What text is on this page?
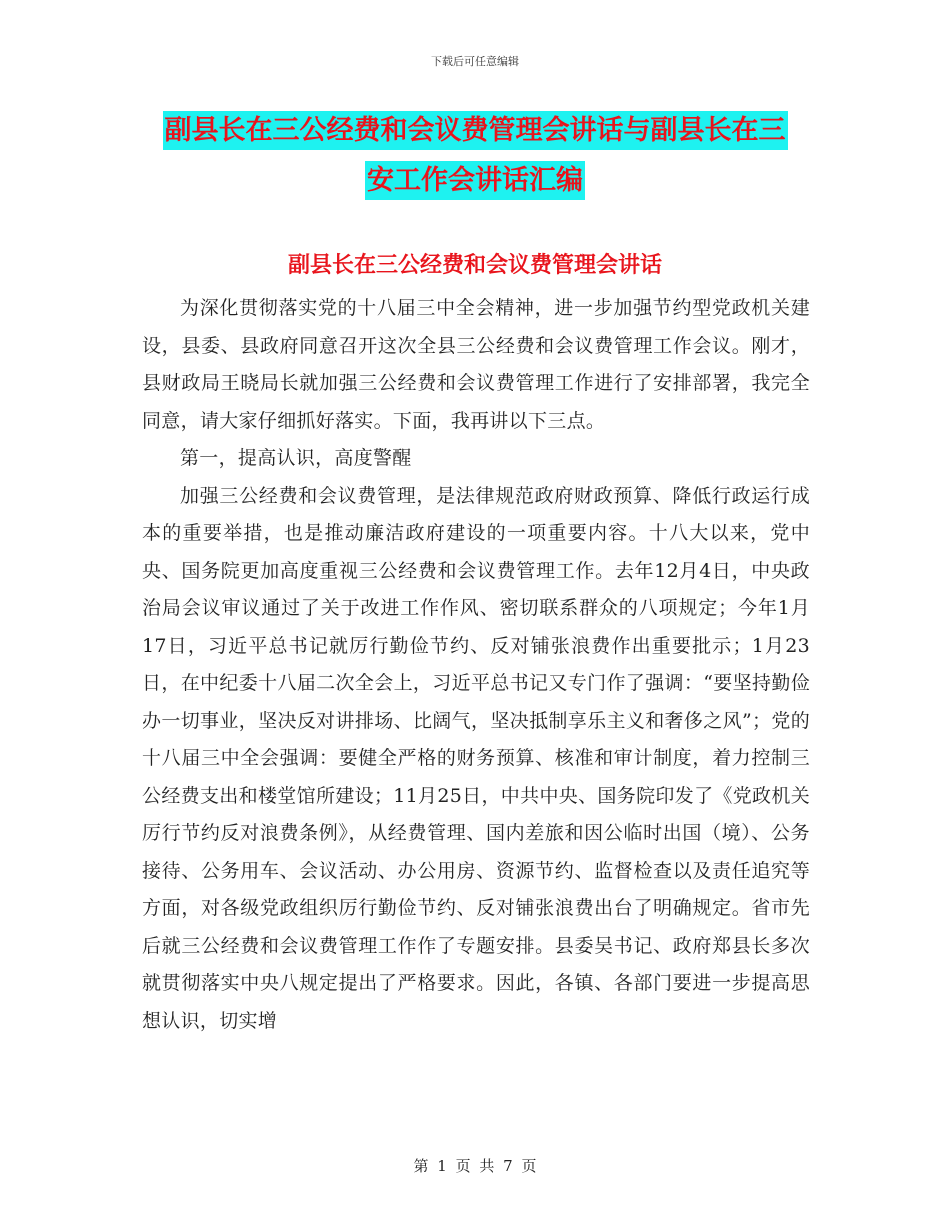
下载后可任意编辑
副县长在三公经费和会议费管理会讲话与副县长在三
安工作会讲话汇编
副县长在三公经费和会议费管理会讲话

为深化贯彻落实党的十八届三中全会精神，进一步加强节约型党政机关建设，县委、县政府同意召开这次全县三公经费和会议费管理工作会议。刚才，县财政局王晓局长就加强三公经费和会议费管理工作进行了安排部署，我完全同意，请大家仔细抓好落实。下面，我再讲以下三点。

第一，提高认识，高度警醒

加强三公经费和会议费管理，是法律规范政府财政预算、降低行政运行成本的重要举措，也是推动廉洁政府建设的一项重要内容。十八大以来，党中央、国务院更加高度重视三公经费和会议费管理工作。去年12月4日，中央政治局会议审议通过了关于改进工作作风、密切联系群众的八项规定；今年1月17日，习近平总书记就厉行勤俭节约、反对铺张浪费作出重要批示；1月23日，在中纪委十八届二次全会上，习近平总书记又专门作了强调：“要坚持勤俭办一切事业，坚决反对讲排场、比阔气，坚决抵制享乐主义和奢侈之风”；党的十八届三中全会强调：要健全严格的财务预算、核准和审计制度，着力控制三公经费支出和楼堂馆所建设；11月25日，中共中央、国务院印发了《党政机关厉行节约反对浪费条例》，从经费管理、国内差旅和因公临时出国（境）、公务接待、公务用车、会议活动、办公用房、资源节约、监督检查以及责任追究等方面，对各级党政组织厉行勤俭节约、反对铺张浪费出台了明确规定。省市先后就三公经费和会议费管理工作作了专题安排。县委吴书记、政府郑县长多次就贯彻落实中央八规定提出了严格要求。因此，各镇、各部门要进一步提高思想认识，切实增

第 1 页 共 7 页
